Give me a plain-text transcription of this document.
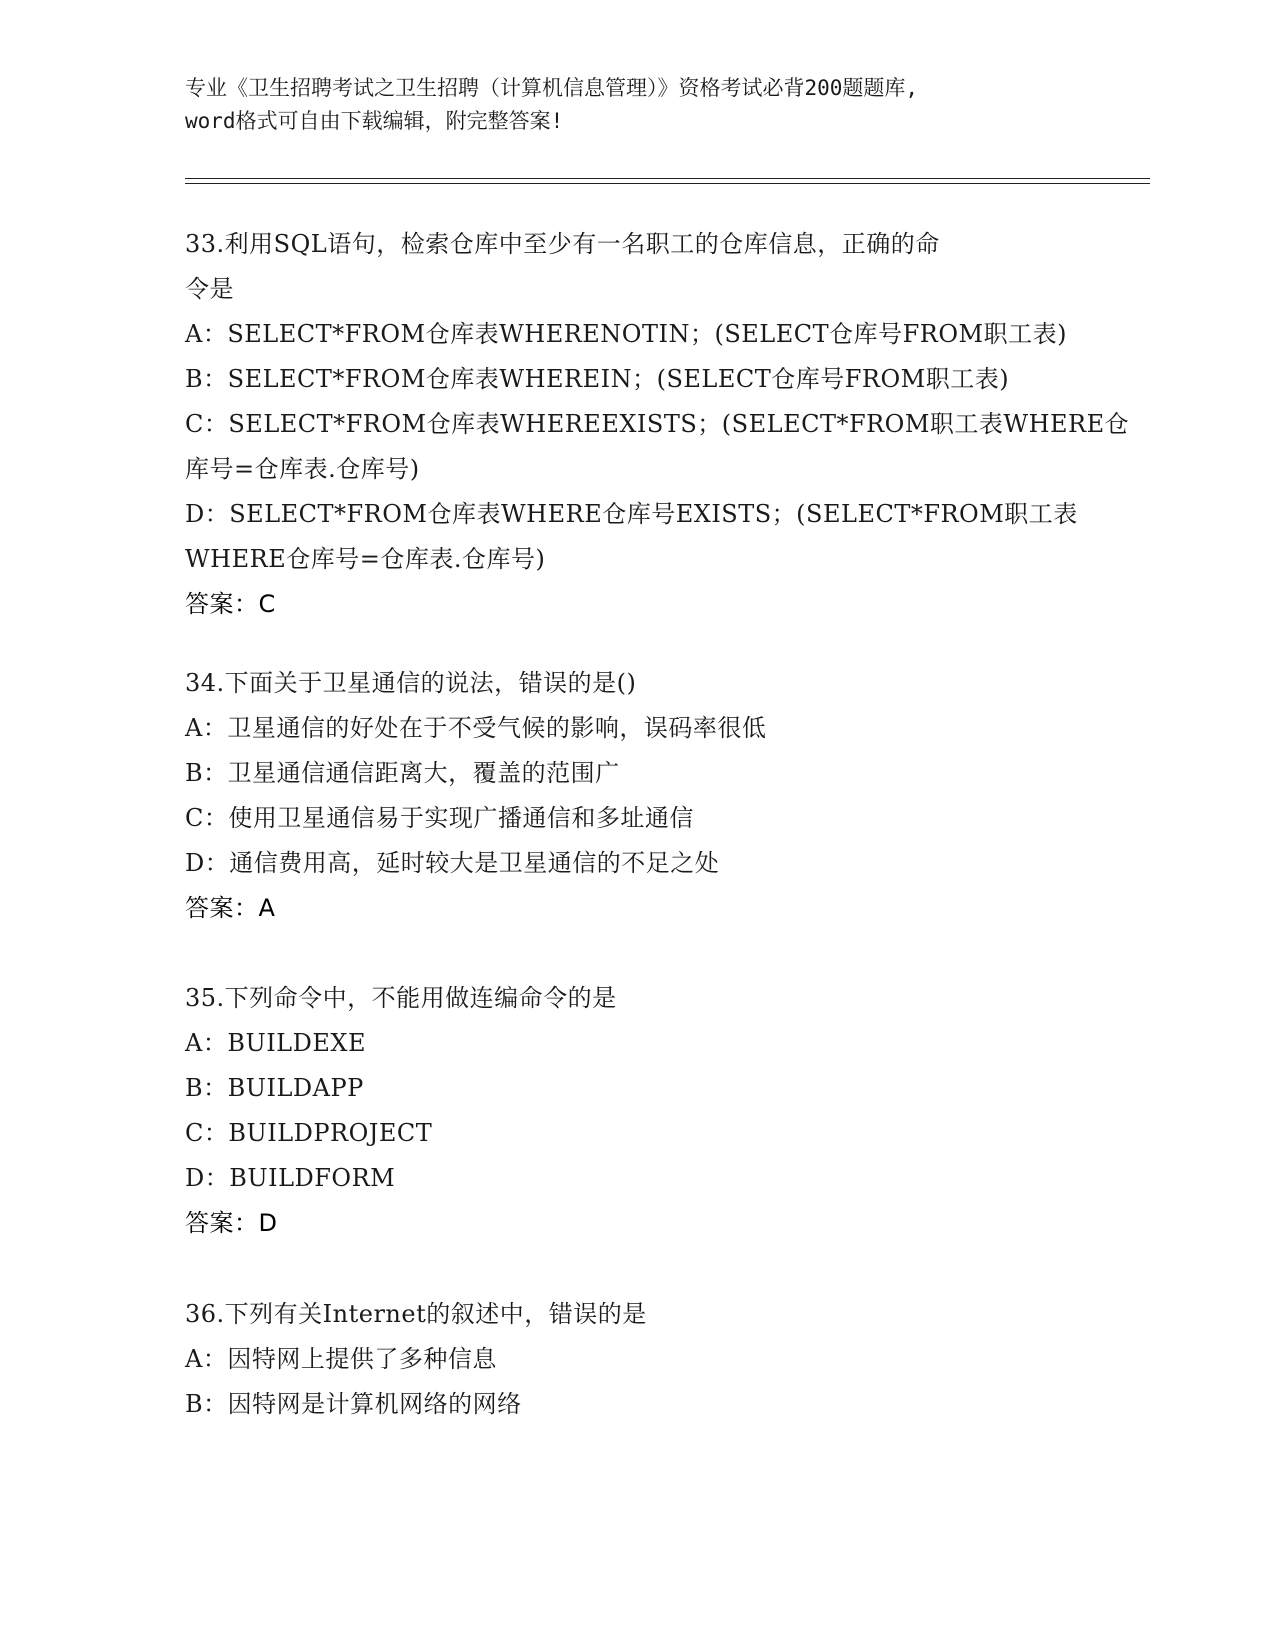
专业《卫生招聘考试之卫生招聘（计算机信息管理）》资格考试必背200题题库,
word格式可自由下载编辑，附完整答案!
33.利用SQL语句，检索仓库中至少有一名职工的仓库信息，正确的命
令是
A：SELECT*FROM仓库表WHERENOTIN；(SELECT仓库号FROM职工表)
B：SELECT*FROM仓库表WHEREIN；(SELECT仓库号FROM职工表)
C：SELECT*FROM仓库表WHEREEXISTS；(SELECT*FROM职工表WHERE仓
库号=仓库表.仓库号)
D：SELECT*FROM仓库表WHERE仓库号EXISTS；(SELECT*FROM职工表
WHERE仓库号=仓库表.仓库号)
答案：C
34.下面关于卫星通信的说法，错误的是()
A：卫星通信的好处在于不受气候的影响，误码率很低
B：卫星通信通信距离大，覆盖的范围广
C：使用卫星通信易于实现广播通信和多址通信
D：通信费用高，延时较大是卫星通信的不足之处
答案：A
35.下列命令中，不能用做连编命令的是
A：BUILDEXE
B：BUILDAPP
C：BUILDPROJECT
D：BUILDFORM
答案：D
36.下列有关Internet的叙述中，错误的是
A：因特网上提供了多种信息
B：因特网是计算机网络的网络
